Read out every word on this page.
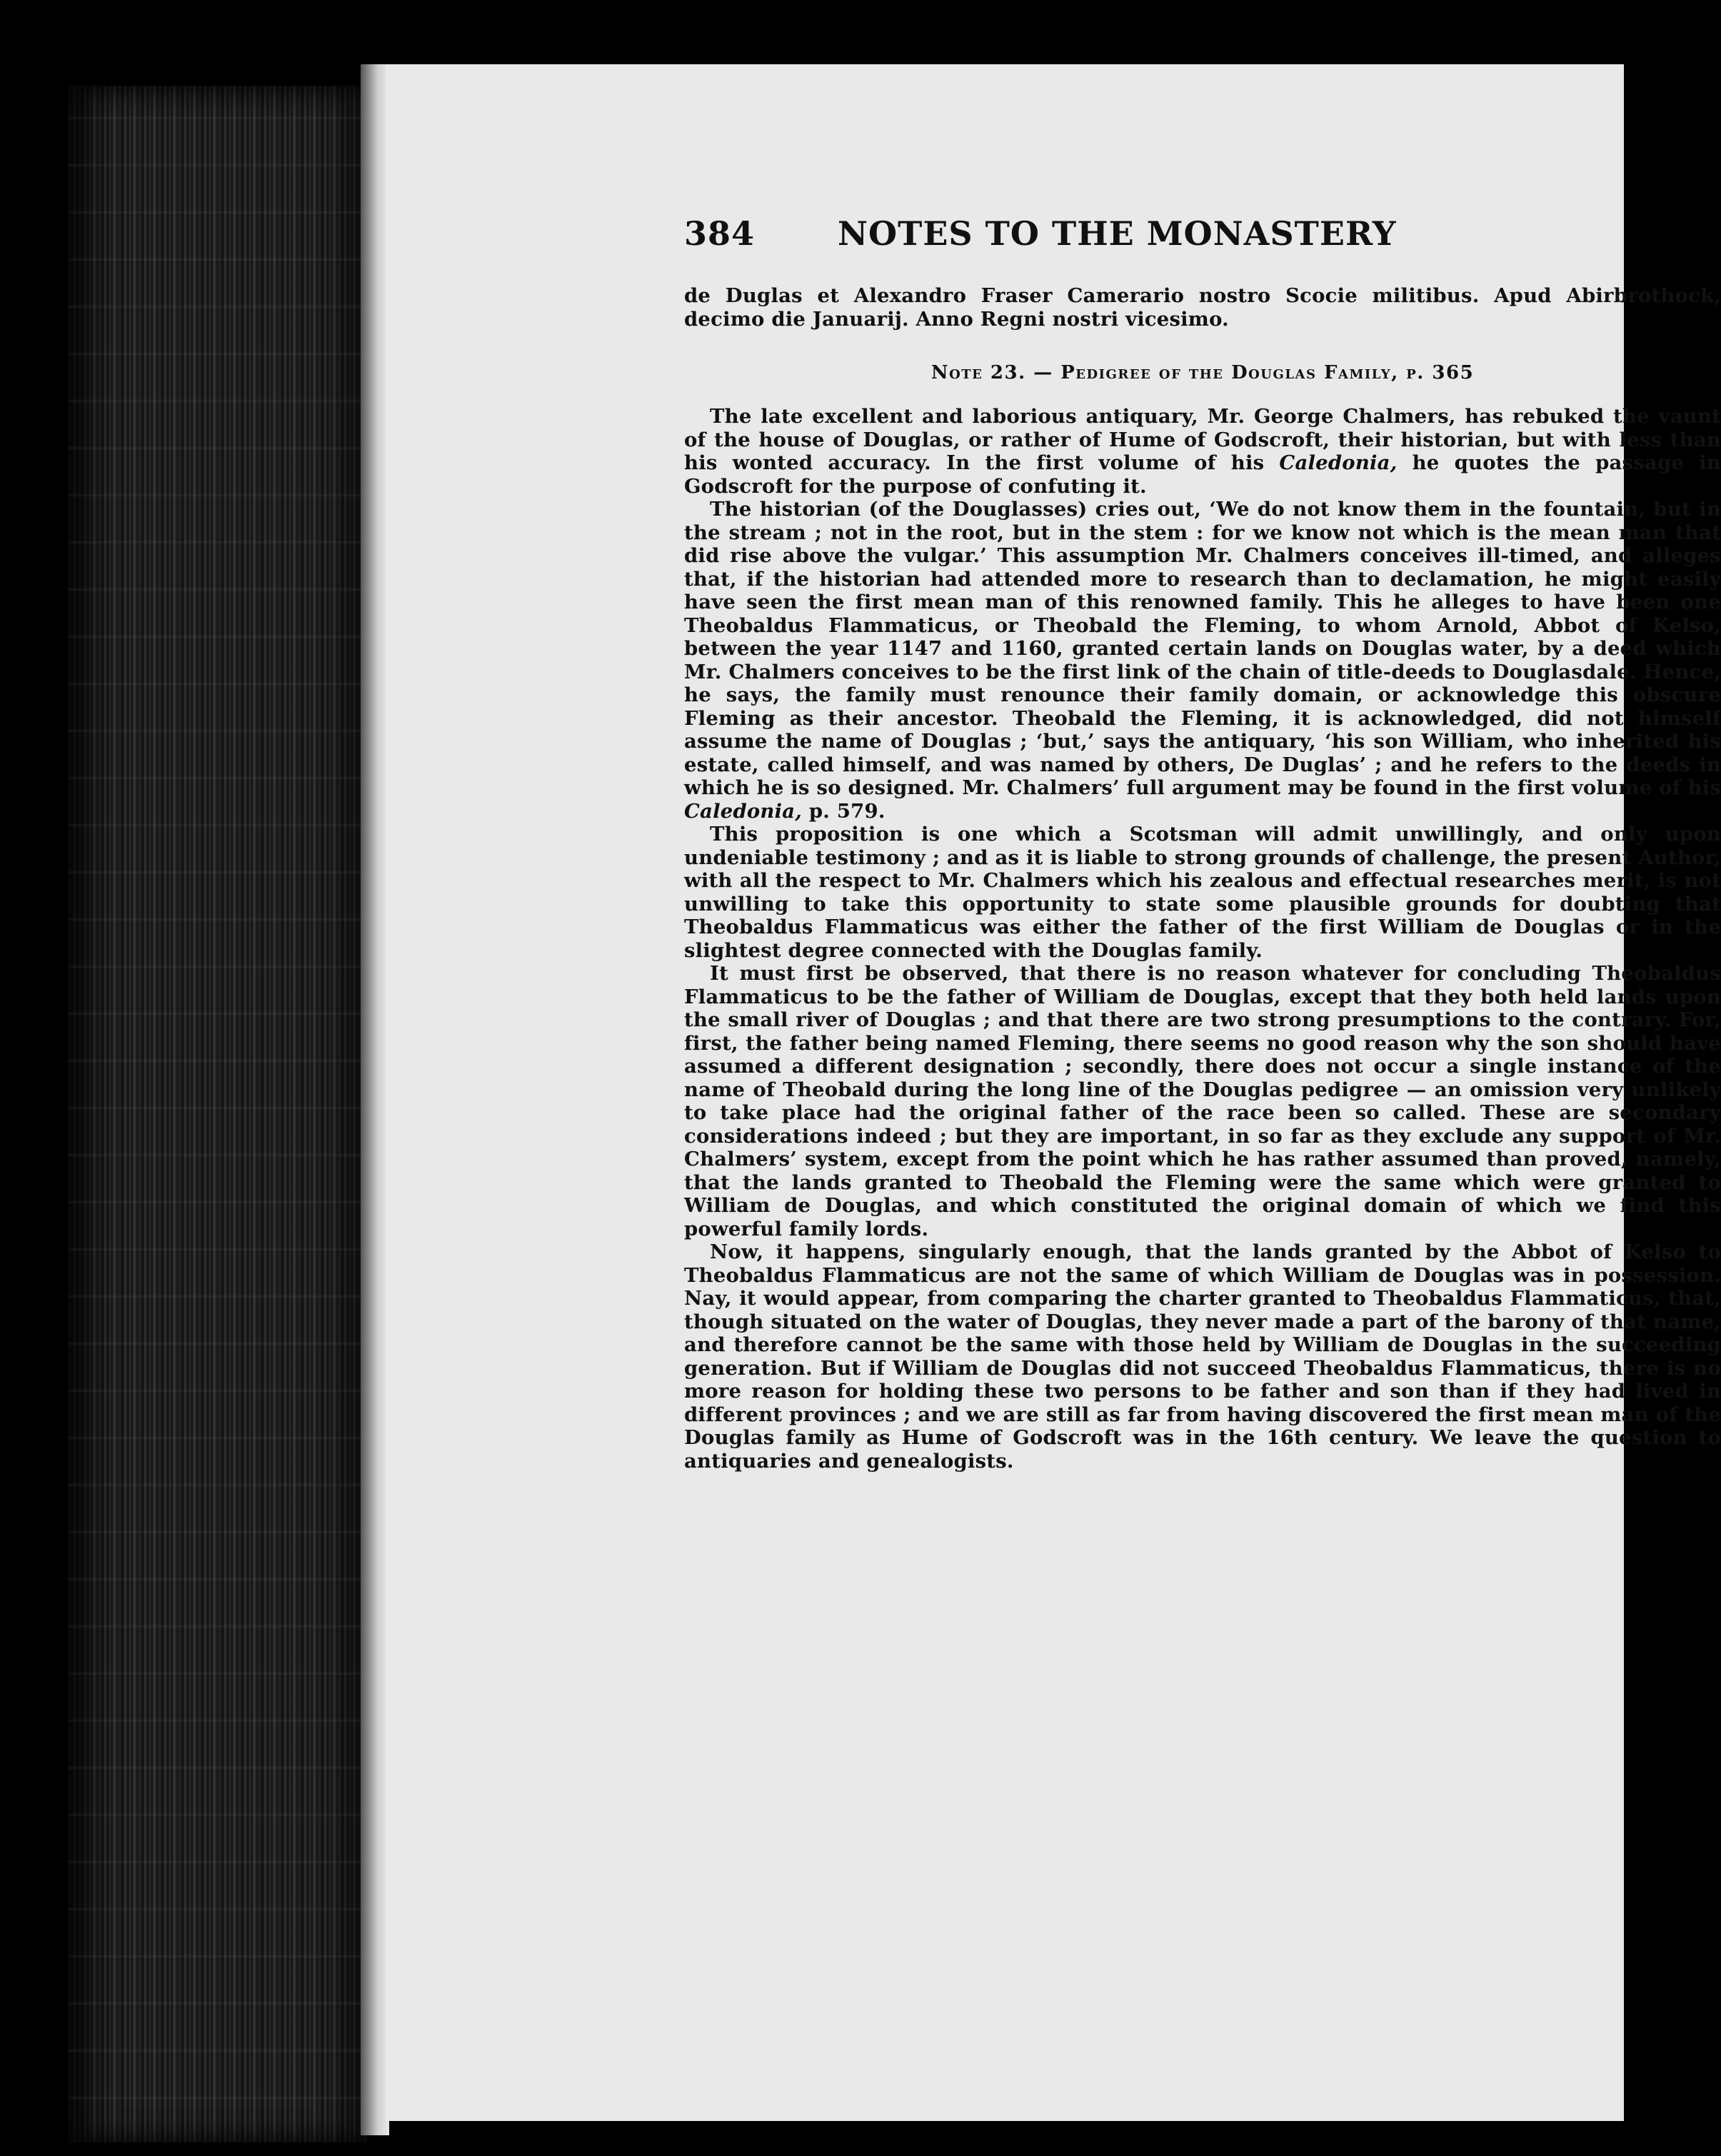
384	NOTES TO THE MONASTERY

de Duglas et Alexandro Fraser Camerario nostro Scocie militibus. Apud Abirbrothock, decimo die Januarij. Anno Regni nostri vicesimo.

Note 23. — Pedigree of the Douglas Family, p. 365

The late excellent and laborious antiquary, Mr. George Chalmers, has rebuked the vaunt of the house of Douglas, or rather of Hume of Godscroft, their historian, but with less than his wonted accuracy. In the first volume of his Caledonia, he quotes the passage in Godscroft for the purpose of confuting it.

The historian (of the Douglasses) cries out, ‘We do not know them in the fountain, but in the stream ; not in the root, but in the stem : for we know not which is the mean man that did rise above the vulgar.’ This assumption Mr. Chalmers conceives ill-timed, and alleges that, if the historian had attended more to research than to declamation, he might easily have seen the first mean man of this renowned family. This he alleges to have been one Theobaldus Flammaticus, or Theobald the Fleming, to whom Arnold, Abbot of Kelso, between the year 1147 and 1160, granted certain lands on Douglas water, by a deed which Mr. Chalmers conceives to be the first link of the chain of title-deeds to Douglasdale. Hence, he says, the family must renounce their family domain, or acknowledge this obscure Fleming as their ancestor. Theobald the Fleming, it is acknowledged, did not himself assume the name of Douglas ; ‘but,’ says the antiquary, ‘his son William, who inherited his estate, called himself, and was named by others, De Duglas’ ; and he refers to the deeds in which he is so designed. Mr. Chalmers’ full argument may be found in the first volume of his Caledonia, p. 579.

This proposition is one which a Scotsman will admit unwillingly, and only upon undeniable testimony ; and as it is liable to strong grounds of challenge, the present Author, with all the respect to Mr. Chalmers which his zealous and effectual researches merit, is not unwilling to take this opportunity to state some plausible grounds for doubting that Theobaldus Flammaticus was either the father of the first William de Douglas or in the slightest degree connected with the Douglas family.

It must first be observed, that there is no reason whatever for concluding Theobaldus Flammaticus to be the father of William de Douglas, except that they both held lands upon the small river of Douglas ; and that there are two strong presumptions to the contrary. For, first, the father being named Fleming, there seems no good reason why the son should have assumed a different designation ; secondly, there does not occur a single instance of the name of Theobald during the long line of the Douglas pedigree — an omission very unlikely to take place had the original father of the race been so called. These are secondary considerations indeed ; but they are important, in so far as they exclude any support of Mr. Chalmers’ system, except from the point which he has rather assumed than proved, namely, that the lands granted to Theobald the Fleming were the same which were granted to William de Douglas, and which constituted the original domain of which we find this powerful family lords.

Now, it happens, singularly enough, that the lands granted by the Abbot of Kelso to Theobaldus Flammaticus are not the same of which William de Douglas was in possession. Nay, it would appear, from comparing the charter granted to Theobaldus Flammaticus, that, though situated on the water of Douglas, they never made a part of the barony of that name, and therefore cannot be the same with those held by William de Douglas in the succeeding generation. But if William de Douglas did not succeed Theobaldus Flammaticus, there is no more reason for holding these two persons to be father and son than if they had lived in different provinces ; and we are still as far from having discovered the first mean man of the Douglas family as Hume of Godscroft was in the 16th century. We leave the question to antiquaries and genealogists.
